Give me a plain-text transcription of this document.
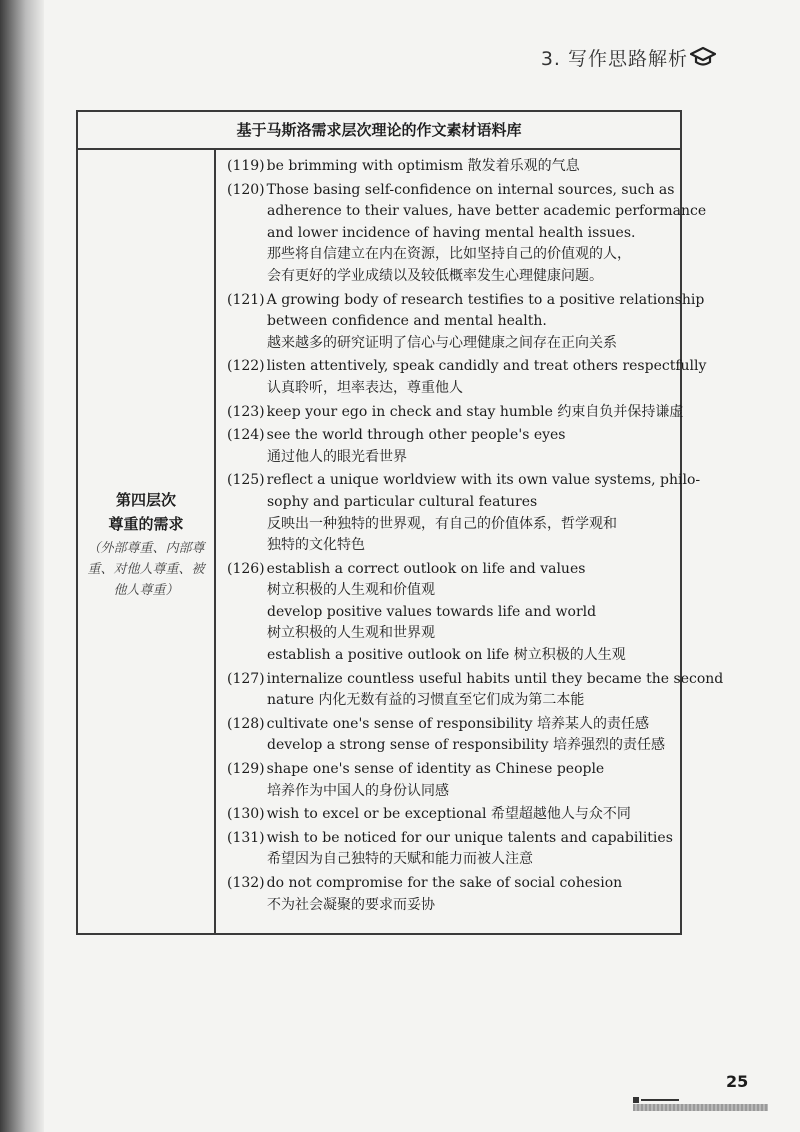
3. 写作思路解析
基于马斯洛需求层次理论的作文素材语料库
第四层次
尊重的需求
（外部尊重、内部尊重、对他人尊重、被他人尊重）
(119) be brimming with optimism 散发着乐观的气息
(120) Those basing self-confidence on internal sources, such as
adherence to their values, have better academic performance
and lower incidence of having mental health issues.
那些将自信建立在内在资源，比如坚持自己的价值观的人，
会有更好的学业成绩以及较低概率发生心理健康问题。
(121) A growing body of research testifies to a positive relationship
between confidence and mental health.
越来越多的研究证明了信心与心理健康之间存在正向关系
(122) listen attentively, speak candidly and treat others respectfully
认真聆听，坦率表达，尊重他人
(123) keep your ego in check and stay humble 约束自负并保持谦虚
(124) see the world through other people's eyes
通过他人的眼光看世界
(125) reflect a unique worldview with its own value systems, philo-
sophy and particular cultural features
反映出一种独特的世界观，有自己的价值体系，哲学观和
独特的文化特色
(126) establish a correct outlook on life and values
树立积极的人生观和价值观
develop positive values towards life and world
树立积极的人生观和世界观
establish a positive outlook on life 树立积极的人生观
(127) internalize countless useful habits until they became the second
nature 内化无数有益的习惯直至它们成为第二本能
(128) cultivate one's sense of responsibility 培养某人的责任感
develop a strong sense of responsibility 培养强烈的责任感
(129) shape one's sense of identity as Chinese people
培养作为中国人的身份认同感
(130) wish to excel or be exceptional 希望超越他人与众不同
(131) wish to be noticed for our unique talents and capabilities
希望因为自己独特的天赋和能力而被人注意
(132) do not compromise for the sake of social cohesion
不为社会凝聚的要求而妥协
25
